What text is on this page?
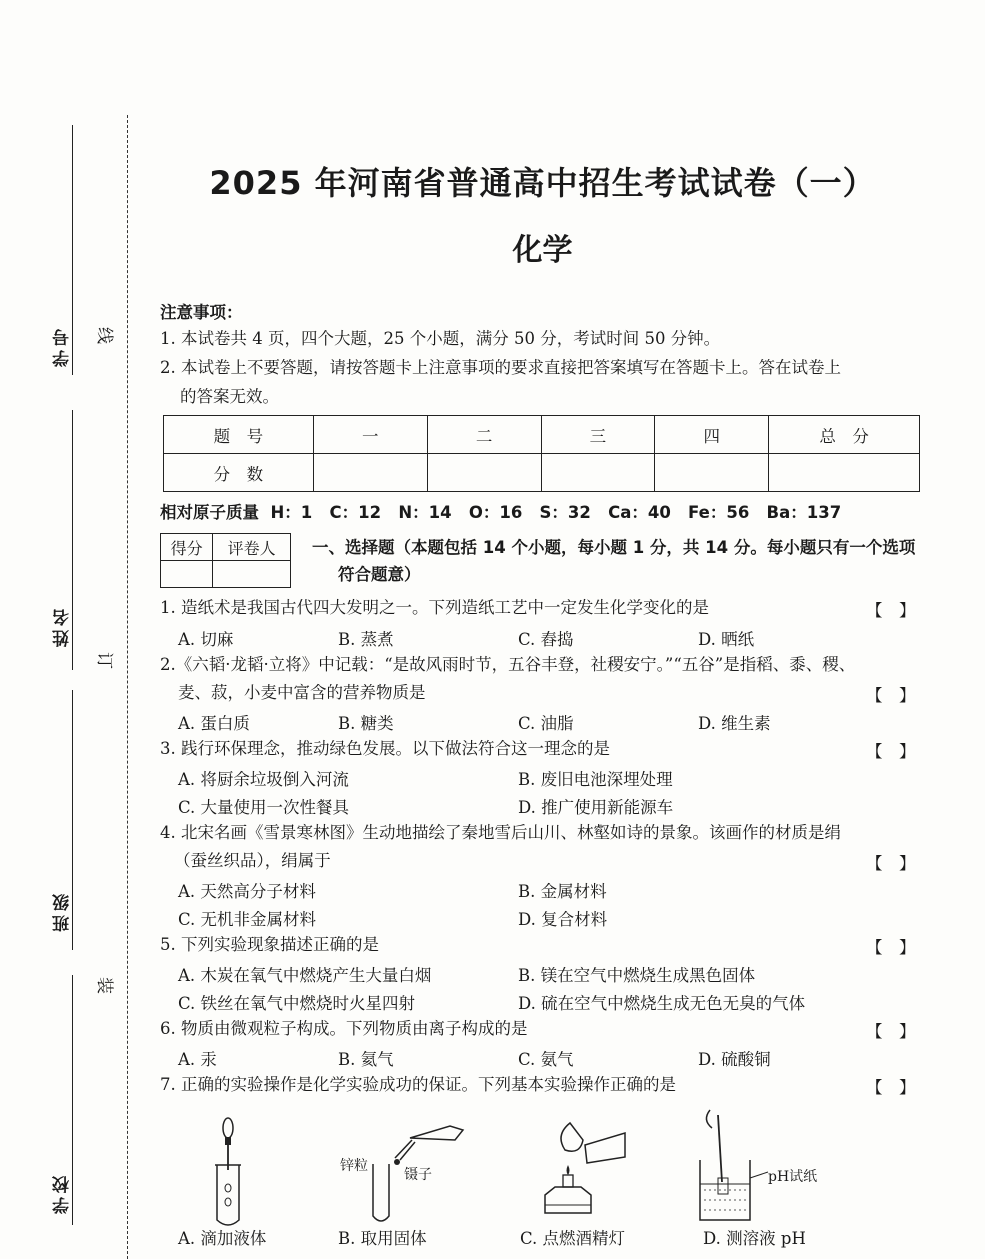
学号
姓名
班级
学校
线
订
装
2025 年河南省普通高中招生考试试卷（一）
化学
注意事项：
1. 本试卷共 4 页，四个大题，25 个小题，满分 50 分，考试时间 50 分钟。
2. 本试卷上不要答题，请按答题卡上注意事项的要求直接把答案填写在答题卡上。答在试卷上
的答案无效。
题　号	一	二	三	四	总　分
分　数					
相对原子质量  H：1   C：12   N：14   O：16   S：32   Ca：40   Fe：56   Ba：137
得分	评卷人
	一、选择题（本题包括 14 个小题，每小题 1 分，共 14 分。每小题只有一个选项
符合题意）
1. 造纸术是我国古代四大发明之一。下列造纸工艺中一定发生化学变化的是	【　】
A. 切麻	B. 蒸煮	C. 舂捣	D. 晒纸
2.《六韬·龙韬·立将》中记载：“是故风雨时节，五谷丰登，社稷安宁。”“五谷”是指稻、黍、稷、
麦、菽，小麦中富含的营养物质是	【　】
A. 蛋白质	B. 糖类	C. 油脂	D. 维生素
3. 践行环保理念，推动绿色发展。以下做法符合这一理念的是	【　】
A. 将厨余垃圾倒入河流	B. 废旧电池深埋处理
C. 大量使用一次性餐具	D. 推广使用新能源车
4. 北宋名画《雪景寒林图》生动地描绘了秦地雪后山川、林壑如诗的景象。该画作的材质是绢
（蚕丝织品），绢属于	【　】
A. 天然高分子材料	B. 金属材料
C. 无机非金属材料	D. 复合材料
5. 下列实验现象描述正确的是	【　】
A. 木炭在氧气中燃烧产生大量白烟	B. 镁在空气中燃烧生成黑色固体
C. 铁丝在氧气中燃烧时火星四射	D. 硫在空气中燃烧生成无色无臭的气体
6. 物质由微观粒子构成。下列物质由离子构成的是	【　】
A. 汞	B. 氦气	C. 氨气	D. 硫酸铜
7. 正确的实验操作是化学实验成功的保证。下列基本实验操作正确的是	【　】
锌粒
镊子	pH试纸
A. 滴加液体	B. 取用固体	C. 点燃酒精灯	D. 测溶液 pH
